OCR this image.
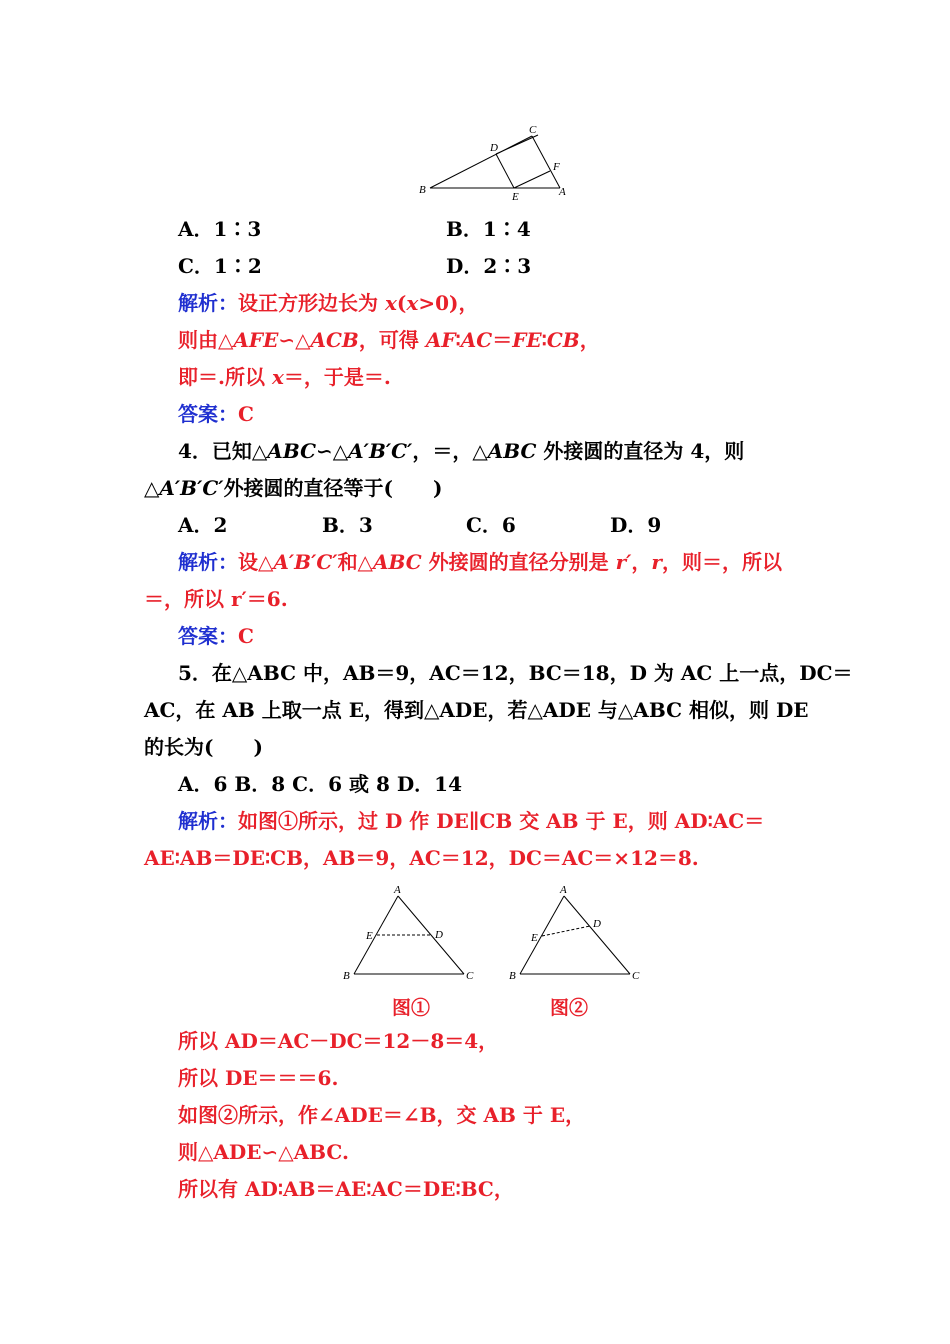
C
D
F
B
E	A
A．1∶3	B．1∶4
C．1∶2	D．2∶3
解析：设正方形边长为 x(x>0)，
则由△AFE∽△ACB，可得 AF∶AC＝FE∶CB，
即＝.所以 x＝，于是＝.
答案：C
4．已知△ABC∽△A′B′C′，＝，△ABC 外接圆的直径为 4，则
△A′B′C′外接圆的直径等于(　　)
A．2	B．3	C．6	D．9
解析：设△A′B′C′和△ABC 外接圆的直径分别是 r′，r，则＝，所以
＝，所以 r′＝6.
答案：C
5．在△ABC 中，AB＝9，AC＝12，BC＝18，D 为 AC 上一点，DC＝
AC，在 AB 上取一点 E，得到△ADE，若△ADE 与△ABC 相似，则 DE
的长为(　　)
A．6 B．8 C．6 或 8 D．14
解析：如图①所示，过 D 作 DE∥CB 交 AB 于 E，则 AD∶AC＝
AE∶AB＝DE∶CB，AB＝9，AC＝12，DC＝AC＝×12＝8.
A
E	D
B	C
图①
A
D
E
B	C
图②
所以 AD＝AC－DC＝12－8＝4，
所以 DE＝＝＝6.
如图②所示，作∠ADE＝∠B，交 AB 于 E，
则△ADE∽△ABC.
所以有 AD∶AB＝AE∶AC＝DE∶BC，
